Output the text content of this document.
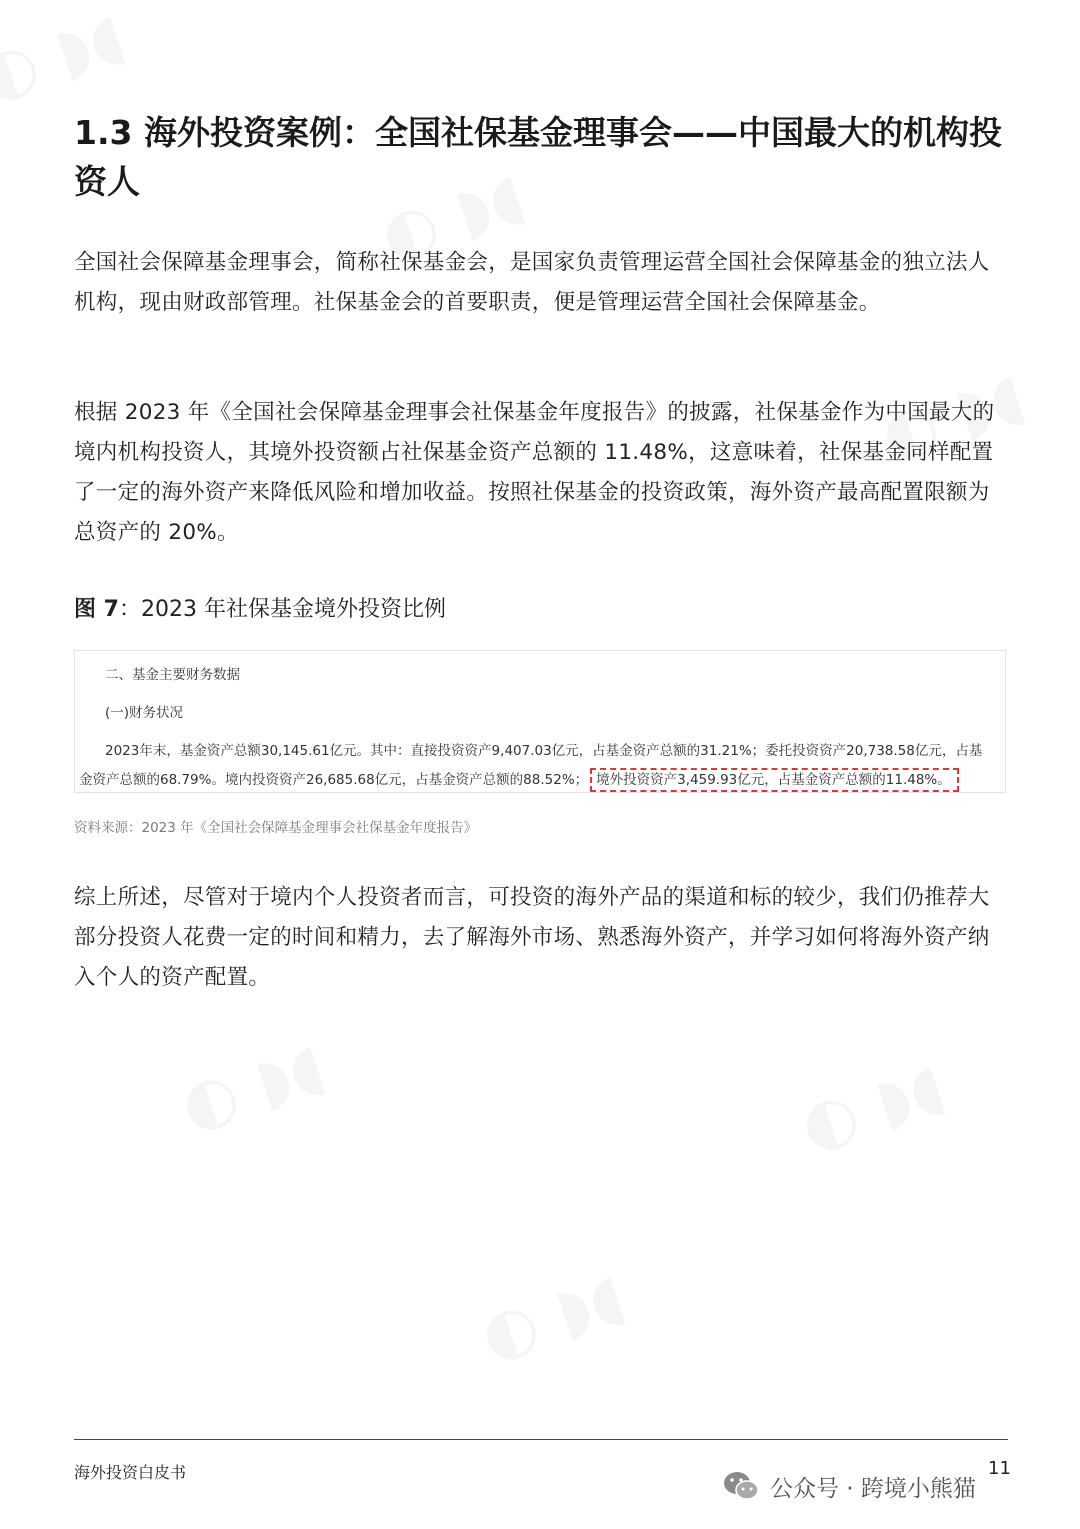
1.3 海外投资案例：全国社保基金理事会——中国最大的机构投资人

全国社会保障基金理事会，简称社保基金会，是国家负责管理运营全国社会保障基金的独立法人机构，现由财政部管理。社保基金会的首要职责，便是管理运营全国社会保障基金。

根据 2023 年《全国社会保障基金理事会社保基金年度报告》的披露，社保基金作为中国最大的境内机构投资人，其境外投资额占社保基金资产总额的 11.48%，这意味着，社保基金同样配置了一定的海外资产来降低风险和增加收益。按照社保基金的投资政策，海外资产最高配置限额为总资产的 20%。

图 7：2023 年社保基金境外投资比例

二、基金主要财务数据
(一)财务状况
2023年末，基金资产总额30,145.61亿元。其中：直接投资资产9,407.03亿元，占基金资产总额的31.21%；委托投资资产20,738.58亿元，占基
金资产总额的68.79%。境内投资资产26,685.68亿元，占基金资产总额的88.52%； 境外投资资产3,459.93亿元，占基金资产总额的11.48%。

资料来源：2023 年《全国社会保障基金理事会社保基金年度报告》

综上所述，尽管对于境内个人投资者而言，可投资的海外产品的渠道和标的较少，我们仍推荐大部分投资人花费一定的时间和精力，去了解海外市场、熟悉海外资产，并学习如何将海外资产纳入个人的资产配置。

海外投资白皮书	11
公众号 · 跨境小熊猫
